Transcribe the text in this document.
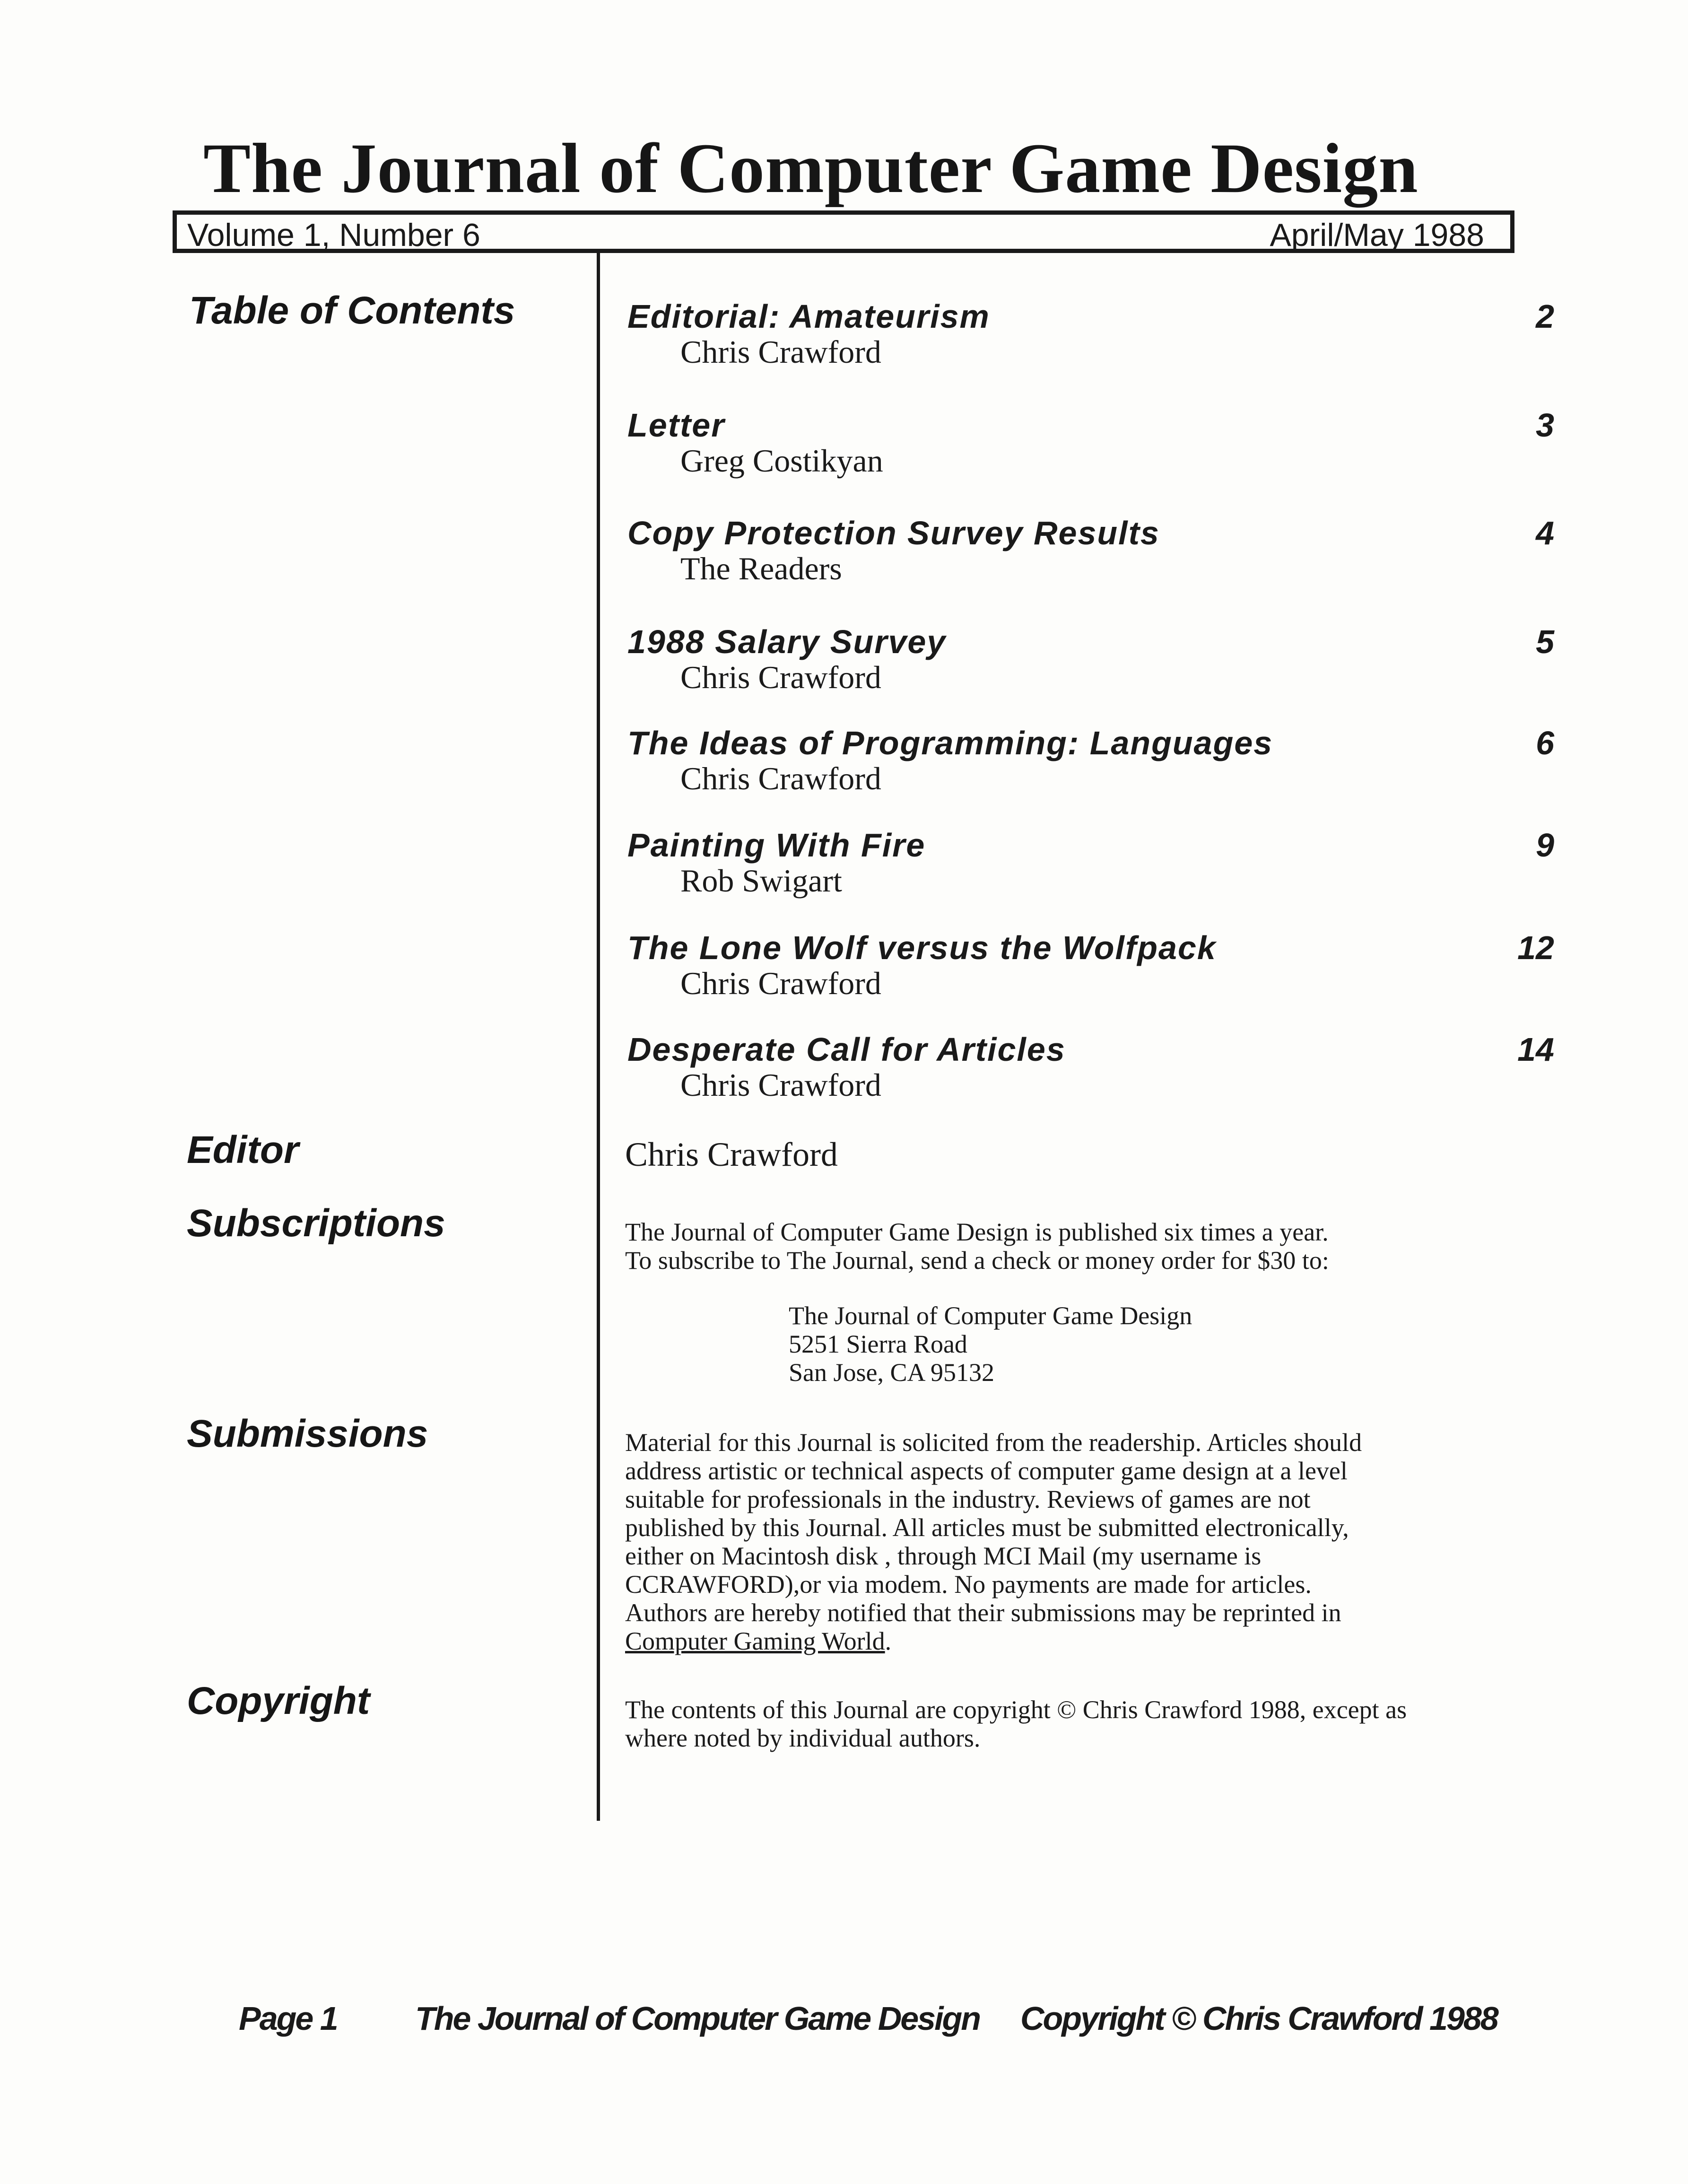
The Journal of Computer Game Design
Volume 1, Number 6	April/May 1988
Table of Contents
Editor
Subscriptions
Submissions
Copyright
Editorial: Amateurism
Chris Crawford
2
Letter
Greg Costikyan
3
Copy Protection Survey Results
The Readers
4
1988 Salary Survey
Chris Crawford
5
The Ideas of Programming: Languages
Chris Crawford
6
Painting With Fire
Rob Swigart
9
The Lone Wolf versus the Wolfpack
Chris Crawford
12
Desperate Call for Articles
Chris Crawford
14
Chris Crawford
The Journal of Computer Game Design is published six times a year.
To subscribe to The Journal, send a check or money order for $30 to:
The Journal of Computer Game Design
5251 Sierra Road
San Jose, CA 95132
Material for this Journal is solicited from the readership. Articles should
address artistic or technical aspects of computer game design at a level
suitable for professionals in the industry. Reviews of games are not
published by this Journal. All articles must be submitted electronically,
either on Macintosh disk , through MCI Mail (my username is
CCRAWFORD),or via modem. No payments are made for articles.
Authors are hereby notified that their submissions may be reprinted in
Computer Gaming World.
The contents of this Journal are copyright © Chris Crawford 1988, except as
where noted by individual authors.
Page 1 The Journal of Computer Game Design Copyright © Chris Crawford 1988
